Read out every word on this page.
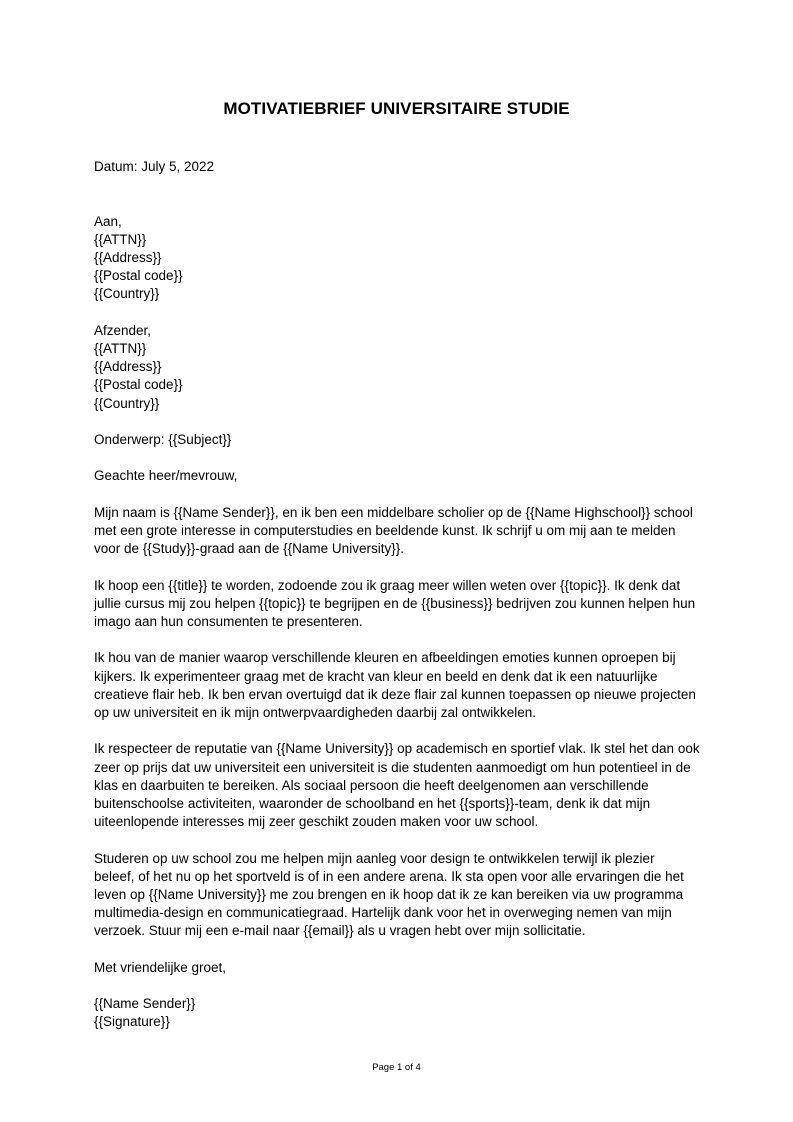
MOTIVATIEBRIEF UNIVERSITAIRE STUDIE
Datum: July 5, 2022
Aan,
{{ATTN}}
{{Address}}
{{Postal code}}
{{Country}}
Afzender,
{{ATTN}}
{{Address}}
{{Postal code}}
{{Country}}
Onderwerp: {{Subject}}
Geachte heer/mevrouw,
Mijn naam is {{Name Sender}}, en ik ben een middelbare scholier op de {{Name Highschool}} school
met een grote interesse in computerstudies en beeldende kunst. Ik schrijf u om mij aan te melden
voor de {{Study}}-graad aan de {{Name University}}.
Ik hoop een {{title}} te worden, zodoende zou ik graag meer willen weten over {{topic}}. Ik denk dat
jullie cursus mij zou helpen {{topic}} te begrijpen en de {{business}} bedrijven zou kunnen helpen hun
imago aan hun consumenten te presenteren.
Ik hou van de manier waarop verschillende kleuren en afbeeldingen emoties kunnen oproepen bij
kijkers. Ik experimenteer graag met de kracht van kleur en beeld en denk dat ik een natuurlijke
creatieve flair heb. Ik ben ervan overtuigd dat ik deze flair zal kunnen toepassen op nieuwe projecten
op uw universiteit en ik mijn ontwerpvaardigheden daarbij zal ontwikkelen.
Ik respecteer de reputatie van {{Name University}} op academisch en sportief vlak. Ik stel het dan ook
zeer op prijs dat uw universiteit een universiteit is die studenten aanmoedigt om hun potentieel in de
klas en daarbuiten te bereiken. Als sociaal persoon die heeft deelgenomen aan verschillende
buitenschoolse activiteiten, waaronder de schoolband en het {{sports}}-team, denk ik dat mijn
uiteenlopende interesses mij zeer geschikt zouden maken voor uw school.
Studeren op uw school zou me helpen mijn aanleg voor design te ontwikkelen terwijl ik plezier
beleef, of het nu op het sportveld is of in een andere arena. Ik sta open voor alle ervaringen die het
leven op {{Name University}} me zou brengen en ik hoop dat ik ze kan bereiken via uw programma
multimedia-design en communicatiegraad. Hartelijk dank voor het in overweging nemen van mijn
verzoek. Stuur mij een e-mail naar {{email}} als u vragen hebt over mijn sollicitatie.
Met vriendelijke groet,
{{Name Sender}}
{{Signature}}
Page 1 of 4
